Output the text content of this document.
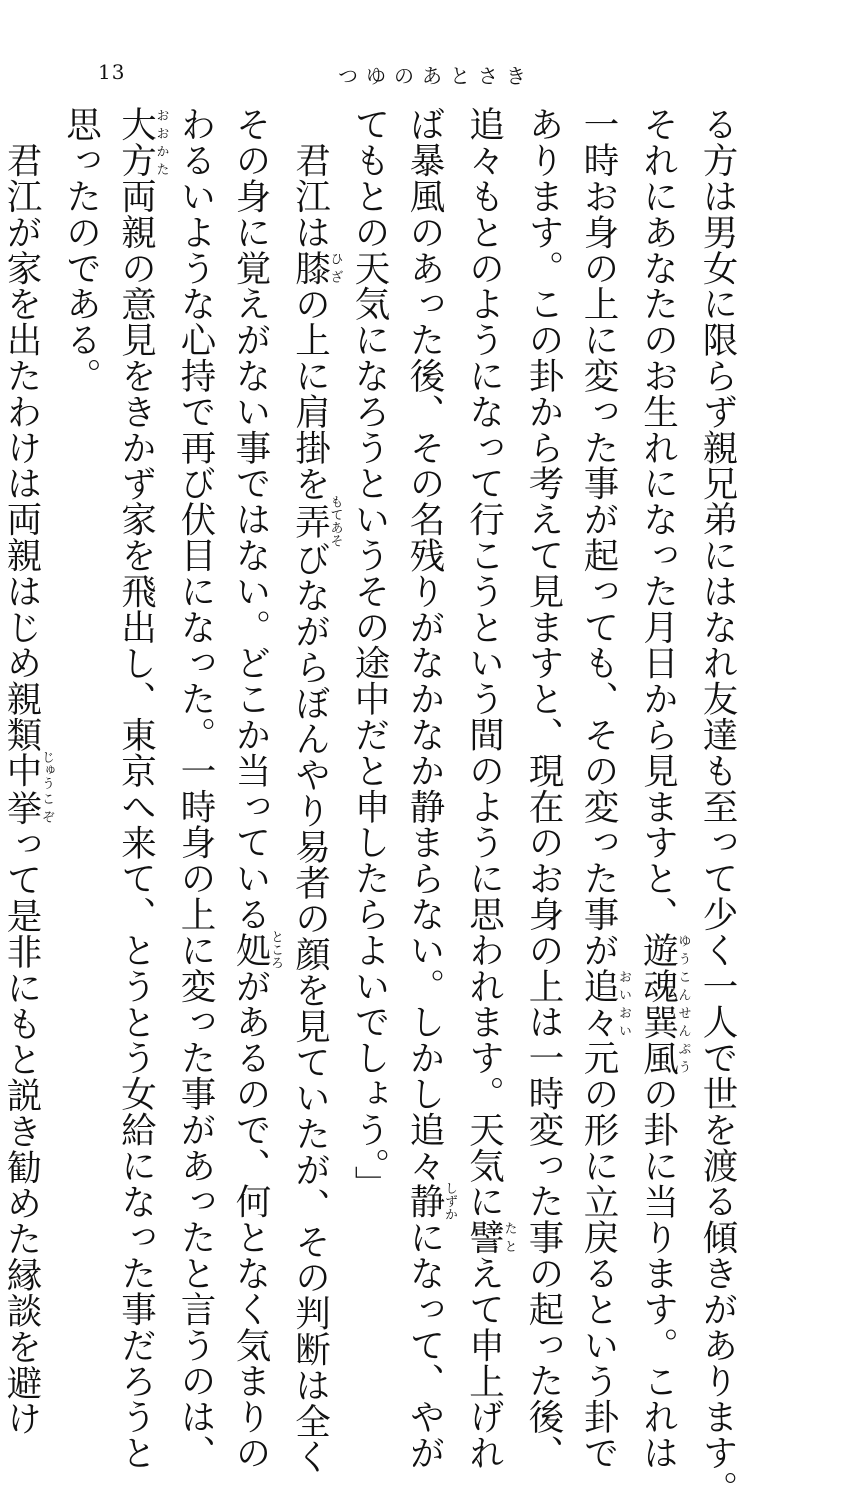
13	つゆのあとさき
る方は男女に限らず親兄弟にはなれ友達も至って少く一人で世を渡る傾きがあります。
それにあなたのお生れになった月日から見ますと、遊魂巽風ゆうこんせんぷうの卦に当ります。これは
一時お身の上に変った事が起っても、その変った事が追々おいおい元の形に立戻るという卦で
あります。この卦から考えて見ますと、現在のお身の上は一時変った事の起った後、
追々もとのようになって行こうという間のように思われます。天気に譬たとえて申上げれ
ば暴風のあった後、その名残りがなかなか静まらない。しかし追々静しずかになって、やが
てもとの天気になろうというその途中だと申したらよいでしょう。」
　君江は膝ひざの上に肩掛を弄もてあそびながらぼんやり易者の顔を見ていたが、その判断は全く
その身に覚えがない事ではない。どこか当っている処ところがあるので、何となく気まりの
わるいような心持で再び伏目になった。一時身の上に変った事があったと言うのは、
大方おおかた両親の意見をきかず家を飛出し、東京へ来て、とうとう女給になった事だろうと
思ったのである。
　君江が家を出たわけは両親はじめ親類中じゅう挙こぞって是非にもと説き勧めた縁談を避け
